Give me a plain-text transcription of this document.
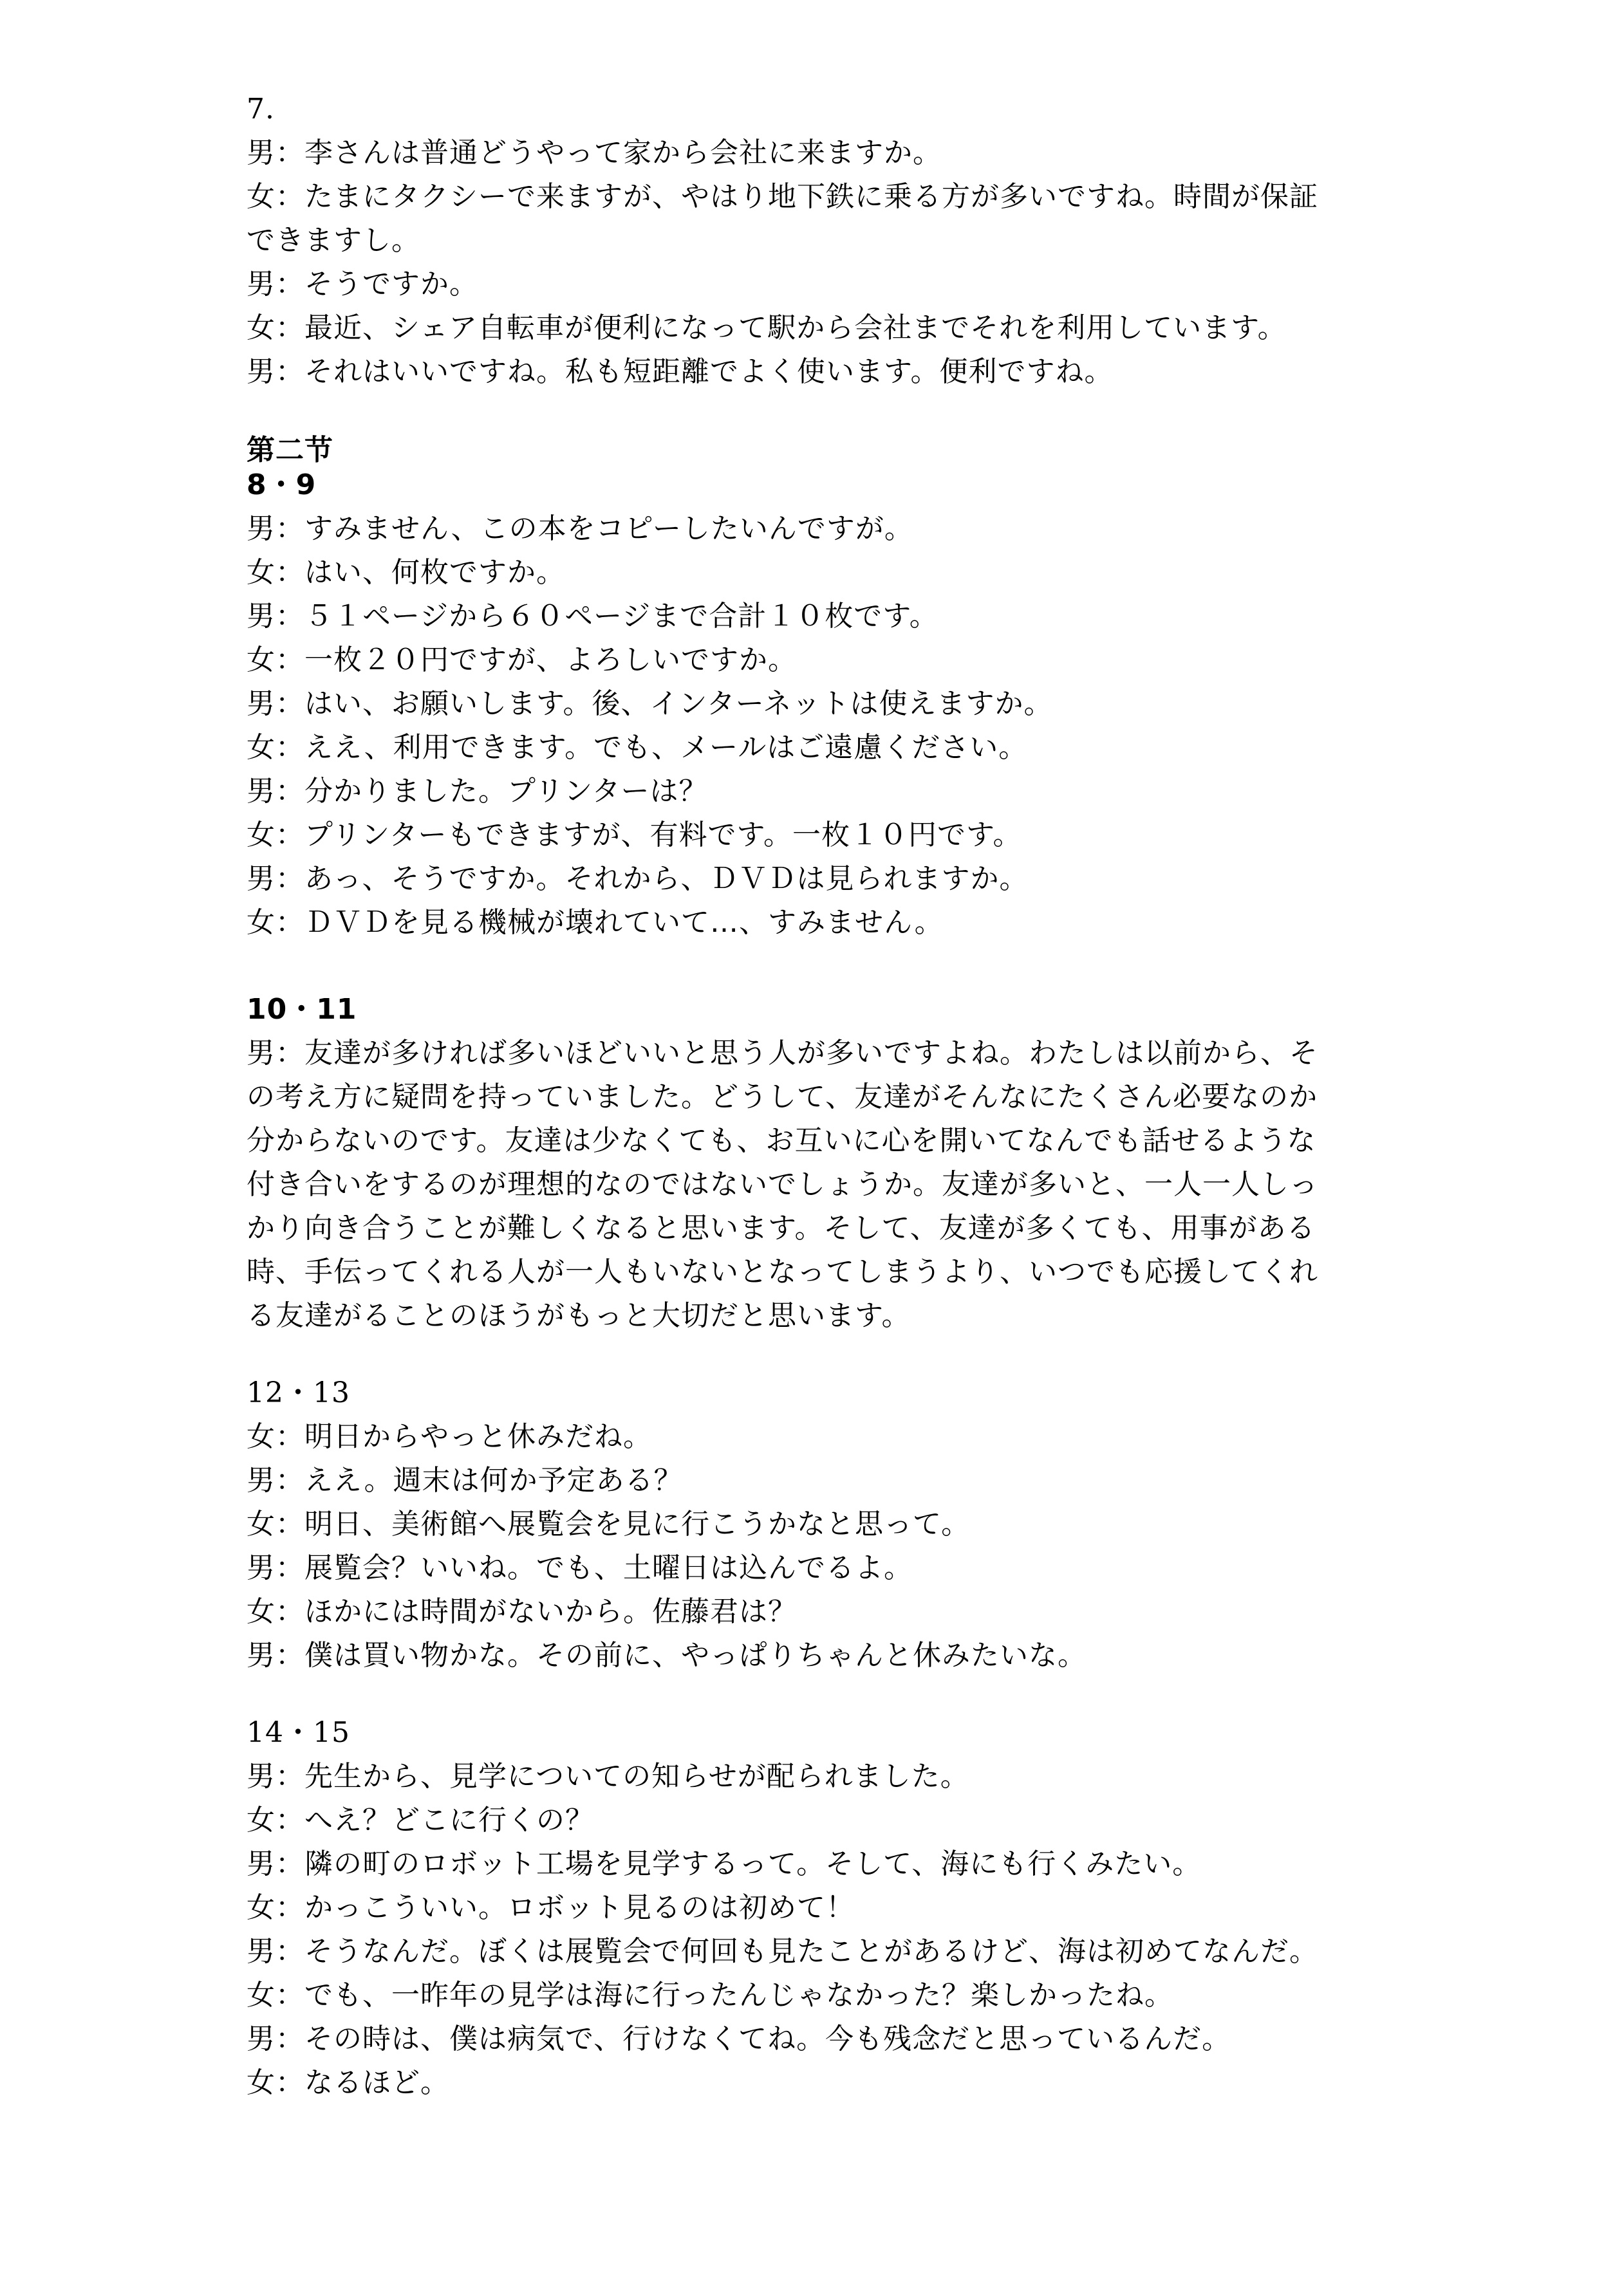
7.
男：李さんは普通どうやって家から会社に来ますか。
女：たまにタクシーで来ますが、やはり地下鉄に乗る方が多いですね。時間が保証
できますし。
男：そうですか。
女：最近、シェア自転車が便利になって駅から会社までそれを利用しています。
男：それはいいですね。私も短距離でよく使います。便利ですね。
第二节
8・9
男：すみません、この本をコピーしたいんですが。
女：はい、何枚ですか。
男：５１ページから６０ページまで合計１０枚です。
女：一枚２０円ですが、よろしいですか。
男：はい、お願いします。後、インターネットは使えますか。
女：ええ、利用できます。でも、メールはご遠慮ください。
男：分かりました。プリンターは？
女：プリンターもできますが、有料です。一枚１０円です。
男：あっ、そうですか。それから、ＤＶＤは見られますか。
女：ＤＶＤを見る機械が壊れていて…、すみません。
10・11
男：友達が多ければ多いほどいいと思う人が多いですよね。わたしは以前から、そ
の考え方に疑問を持っていました。どうして、友達がそんなにたくさん必要なのか
分からないのです。友達は少なくても、お互いに心を開いてなんでも話せるような
付き合いをするのが理想的なのではないでしょうか。友達が多いと、一人一人しっ
かり向き合うことが難しくなると思います。そして、友達が多くても、用事がある
時、手伝ってくれる人が一人もいないとなってしまうより、いつでも応援してくれ
る友達がることのほうがもっと大切だと思います。
12・13
女：明日からやっと休みだね。
男：ええ。週末は何か予定ある？
女：明日、美術館へ展覧会を見に行こうかなと思って。
男：展覧会？いいね。でも、土曜日は込んでるよ。
女：ほかには時間がないから。佐藤君は？
男：僕は買い物かな。その前に、やっぱりちゃんと休みたいな。
14・15
男：先生から、見学についての知らせが配られました。
女：へえ？どこに行くの？
男：隣の町のロボット工場を見学するって。そして、海にも行くみたい。
女：かっこういい。ロボット見るのは初めて！
男：そうなんだ。ぼくは展覧会で何回も見たことがあるけど、海は初めてなんだ。
女：でも、一昨年の見学は海に行ったんじゃなかった？楽しかったね。
男：その時は、僕は病気で、行けなくてね。今も残念だと思っているんだ。
女：なるほど。
